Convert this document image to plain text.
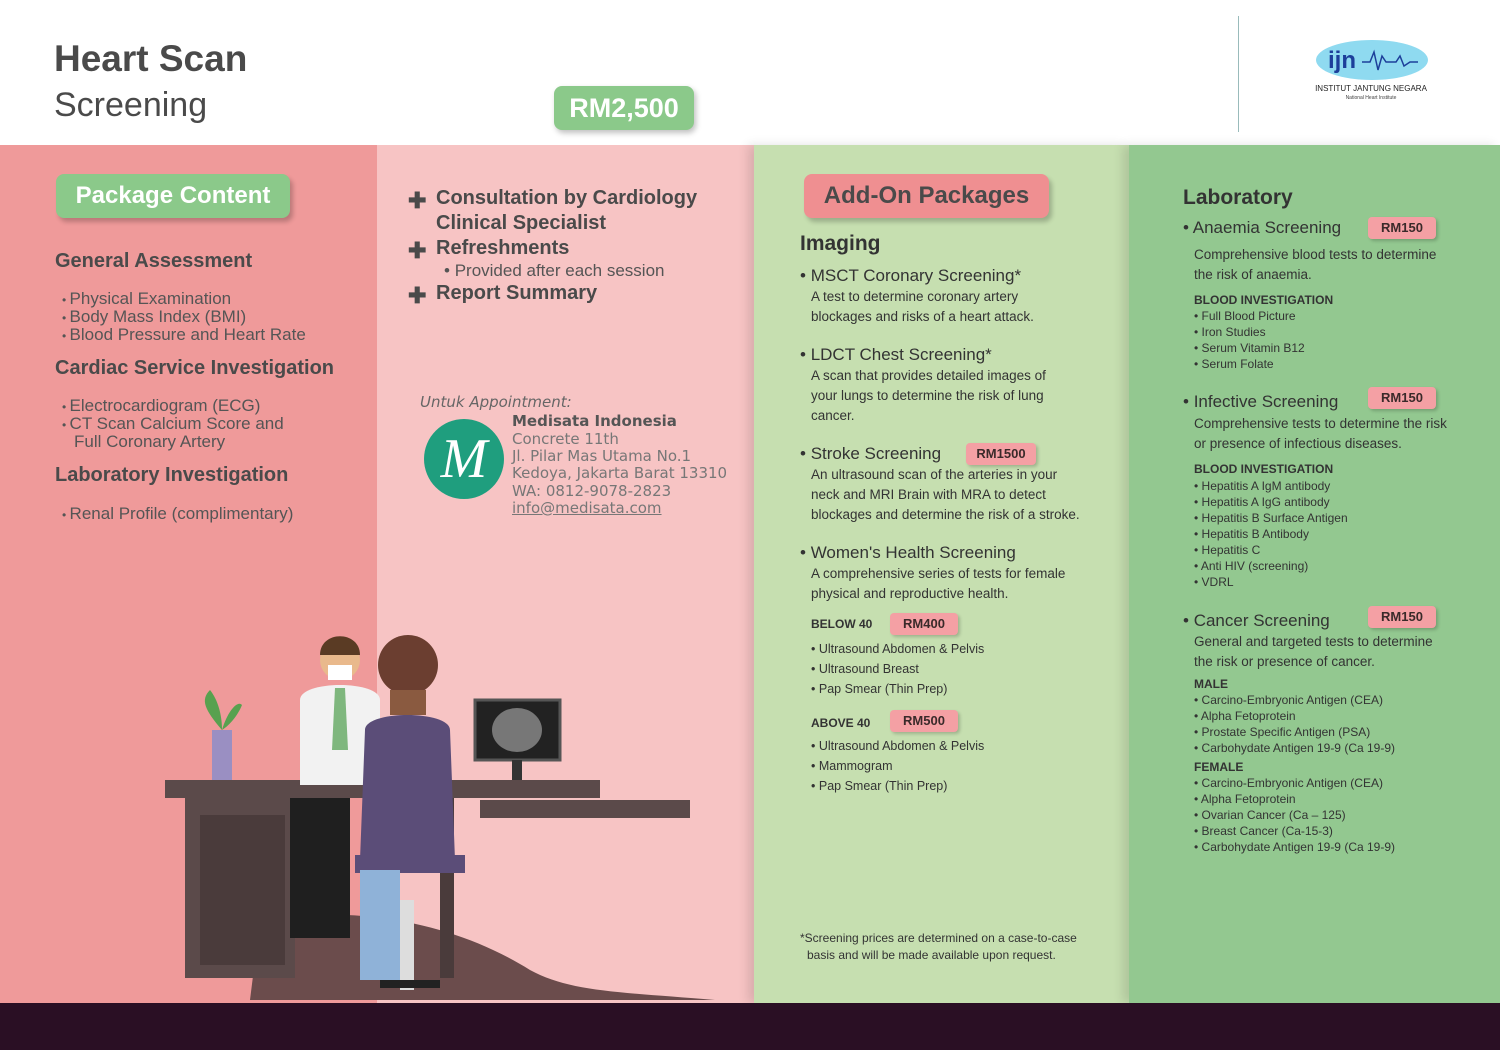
Heart Scan
Screening	RM2,500
ijn
INSTITUT JANTUNG NEGARA
National Heart Institute
Package Content
General Assessment
• Physical Examination
• Body Mass Index (BMI)
• Blood Pressure and Heart Rate
Cardiac Service Investigation
• Electrocardiogram (ECG)
• CT Scan Calcium Score and
Full Coronary Artery
Laboratory Investigation
• Renal Profile (complimentary)
✚ Consultation by Cardiology
Clinical Specialist
✚ Refreshments
• Provided after each session
✚ Report Summary
Untuk Appointment:
M
Medisata Indonesia
Concrete 11th
Jl. Pilar Mas Utama No.1
Kedoya, Jakarta Barat 13310
WA: 0812-9078-2823
info@medisata.com
Add-On Packages
Imaging
• MSCT Coronary Screening*
A test to determine coronary artery
blockages and risks of a heart attack.
• LDCT Chest Screening*
A scan that provides detailed images of
your lungs to determine the risk of lung
cancer.
• Stroke Screening	RM1500
An ultrasound scan of the arteries in your
neck and MRI Brain with MRA to detect
blockages and determine the risk of a stroke.
• Women's Health Screening
A comprehensive series of tests for female
physical and reproductive health.
BELOW 40	RM400
• Ultrasound Abdomen & Pelvis
• Ultrasound Breast
• Pap Smear (Thin Prep)
ABOVE 40	RM500
• Ultrasound Abdomen & Pelvis
• Mammogram
• Pap Smear (Thin Prep)
*Screening prices are determined on a case-to-case
basis and will be made available upon request.
Laboratory
• Anaemia Screening	RM150
Comprehensive blood tests to determine
the risk of anaemia.
BLOOD INVESTIGATION
• Full Blood Picture
• Iron Studies
• Serum Vitamin B12
• Serum Folate
• Infective Screening	RM150
Comprehensive tests to determine the risk
or presence of infectious diseases.
BLOOD INVESTIGATION
• Hepatitis A IgM antibody
• Hepatitis A IgG antibody
• Hepatitis B Surface Antigen
• Hepatitis B Antibody
• Hepatitis C
• Anti HIV (screening)
• VDRL
• Cancer Screening	RM150
General and targeted tests to determine
the risk or presence of cancer.
MALE
• Carcino-Embryonic Antigen (CEA)
• Alpha Fetoprotein
• Prostate Specific Antigen (PSA)
• Carbohydate Antigen 19-9 (Ca 19-9)
FEMALE
• Carcino-Embryonic Antigen (CEA)
• Alpha Fetoprotein
• Ovarian Cancer (Ca – 125)
• Breast Cancer (Ca-15-3)
• Carbohydate Antigen 19-9 (Ca 19-9)
